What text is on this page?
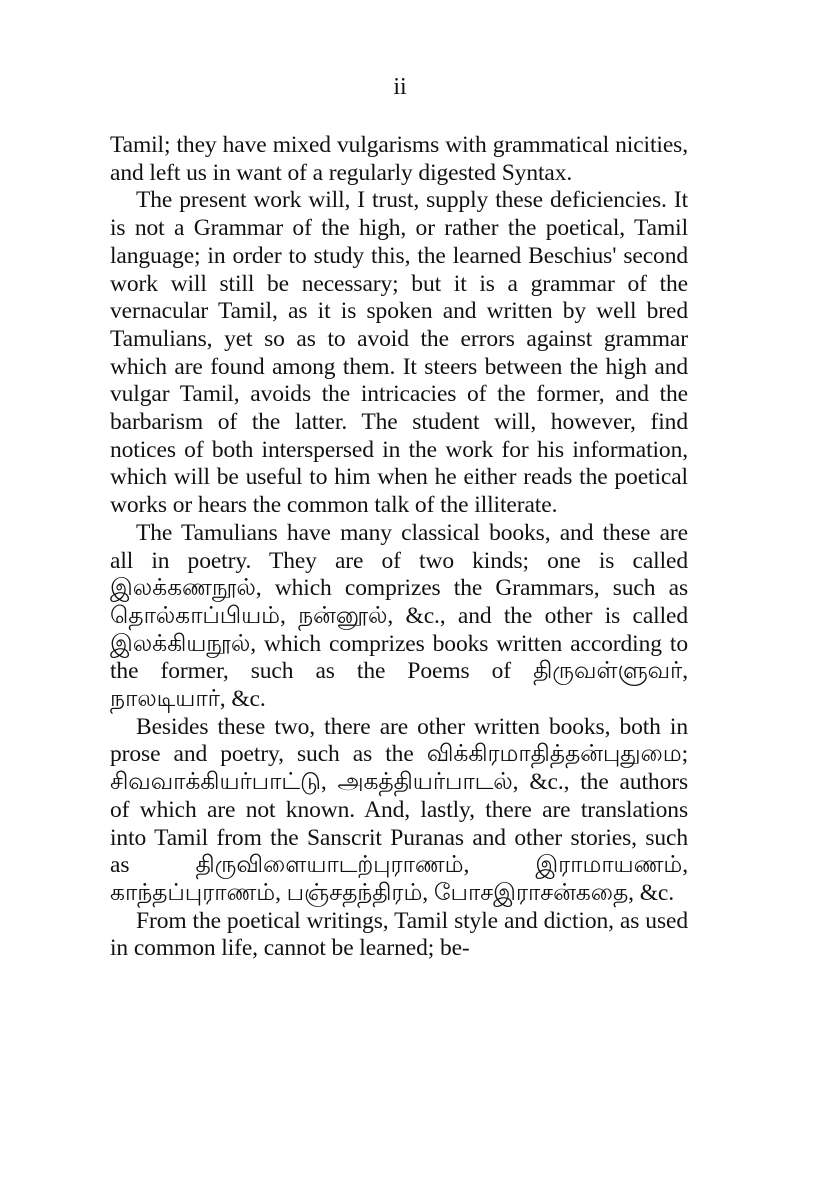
ii

Tamil; they have mixed vulgarisms with grammatical nicities, and left us in want of a regularly digested Syntax.

The present work will, I trust, supply these deficiencies. It is not a Grammar of the high, or rather the poetical, Tamil language; in order to study this, the learned Beschius' second work will still be necessary; but it is a grammar of the vernacular Tamil, as it is spoken and written by well bred Tamulians, yet so as to avoid the errors against grammar which are found among them. It steers between the high and vulgar Tamil, avoids the intricacies of the former, and the barbarism of the latter. The student will, however, find notices of both interspersed in the work for his information, which will be useful to him when he either reads the poetical works or hears the common talk of the illiterate.

The Tamulians have many classical books, and these are all in poetry. They are of two kinds; one is called இலக்கணநூல், which comprizes the Grammars, such as தொல்காப்பியம், நன்னூல், &c., and the other is called இலக்கியநூல், which comprizes books written according to the former, such as the Poems of திருவள்ளுவர், நாலடியார், &c.

Besides these two, there are other written books, both in prose and poetry, such as the விக்கிரமாதித்தன்புதுமை; சிவவாக்கியர்பாட்டு, அகத்தியர்பாடல், &c., the authors of which are not known. And, lastly, there are translations into Tamil from the Sanscrit Puranas and other stories, such as திருவிளையாடற்புராணம், இராமாயணம், காந்தப்புராணம், பஞ்சதந்திரம், போசஇராசன்கதை, &c.

From the poetical writings, Tamil style and diction, as used in common life, cannot be learned; be-
